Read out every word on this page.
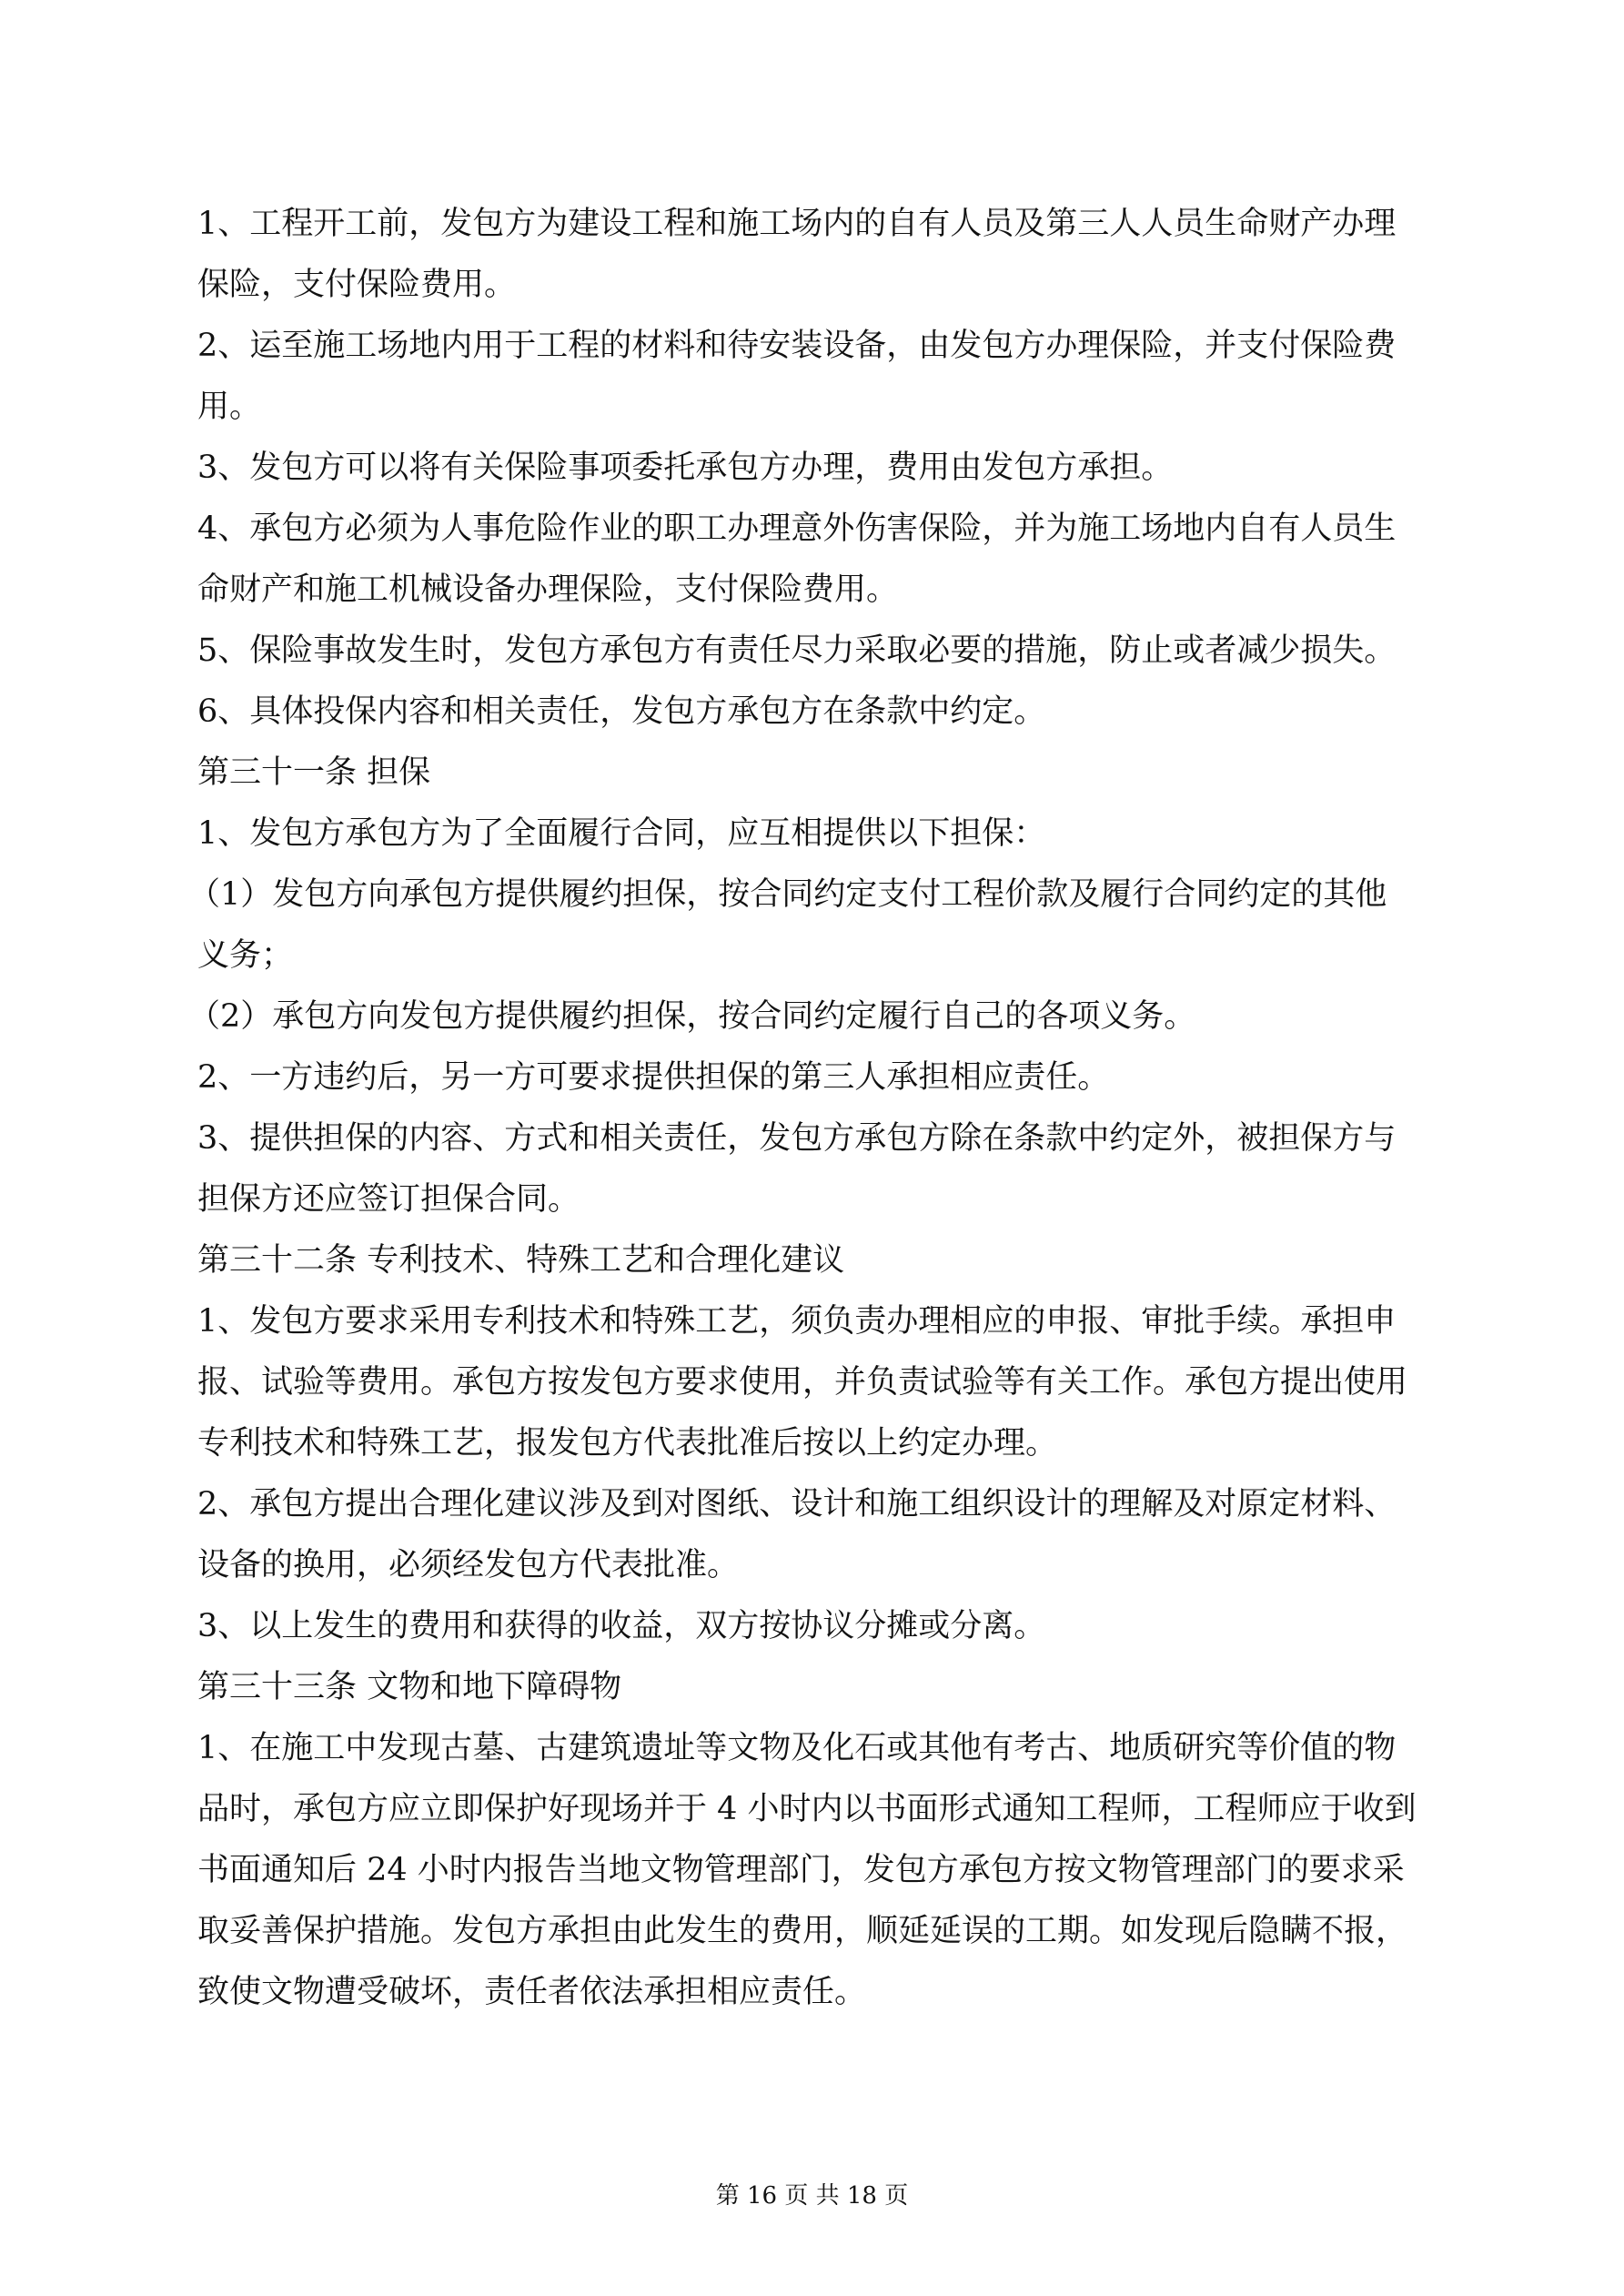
1、工程开工前，发包方为建设工程和施工场内的自有人员及第三人人员生命财产办理
保险，支付保险费用。
2、运至施工场地内用于工程的材料和待安装设备，由发包方办理保险，并支付保险费
用。
3、发包方可以将有关保险事项委托承包方办理，费用由发包方承担。
4、承包方必须为人事危险作业的职工办理意外伤害保险，并为施工场地内自有人员生
命财产和施工机械设备办理保险，支付保险费用。
5、保险事故发生时，发包方承包方有责任尽力采取必要的措施，防止或者减少损失。
6、具体投保内容和相关责任，发包方承包方在条款中约定。
第三十一条 担保
1、发包方承包方为了全面履行合同，应互相提供以下担保：
（1）发包方向承包方提供履约担保，按合同约定支付工程价款及履行合同约定的其他
义务；
（2）承包方向发包方提供履约担保，按合同约定履行自己的各项义务。
2、一方违约后，另一方可要求提供担保的第三人承担相应责任。
3、提供担保的内容、方式和相关责任，发包方承包方除在条款中约定外，被担保方与
担保方还应签订担保合同。
第三十二条 专利技术、特殊工艺和合理化建议
1、发包方要求采用专利技术和特殊工艺，须负责办理相应的申报、审批手续。承担申
报、试验等费用。承包方按发包方要求使用，并负责试验等有关工作。承包方提出使用
专利技术和特殊工艺，报发包方代表批准后按以上约定办理。
2、承包方提出合理化建议涉及到对图纸、设计和施工组织设计的理解及对原定材料、
设备的换用，必须经发包方代表批准。
3、以上发生的费用和获得的收益，双方按协议分摊或分离。
第三十三条 文物和地下障碍物
1、在施工中发现古墓、古建筑遗址等文物及化石或其他有考古、地质研究等价值的物
品时，承包方应立即保护好现场并于 4 小时内以书面形式通知工程师，工程师应于收到
书面通知后 24 小时内报告当地文物管理部门，发包方承包方按文物管理部门的要求采
取妥善保护措施。发包方承担由此发生的费用，顺延延误的工期。如发现后隐瞒不报，
致使文物遭受破坏，责任者依法承担相应责任。
第 16 页 共 18 页
